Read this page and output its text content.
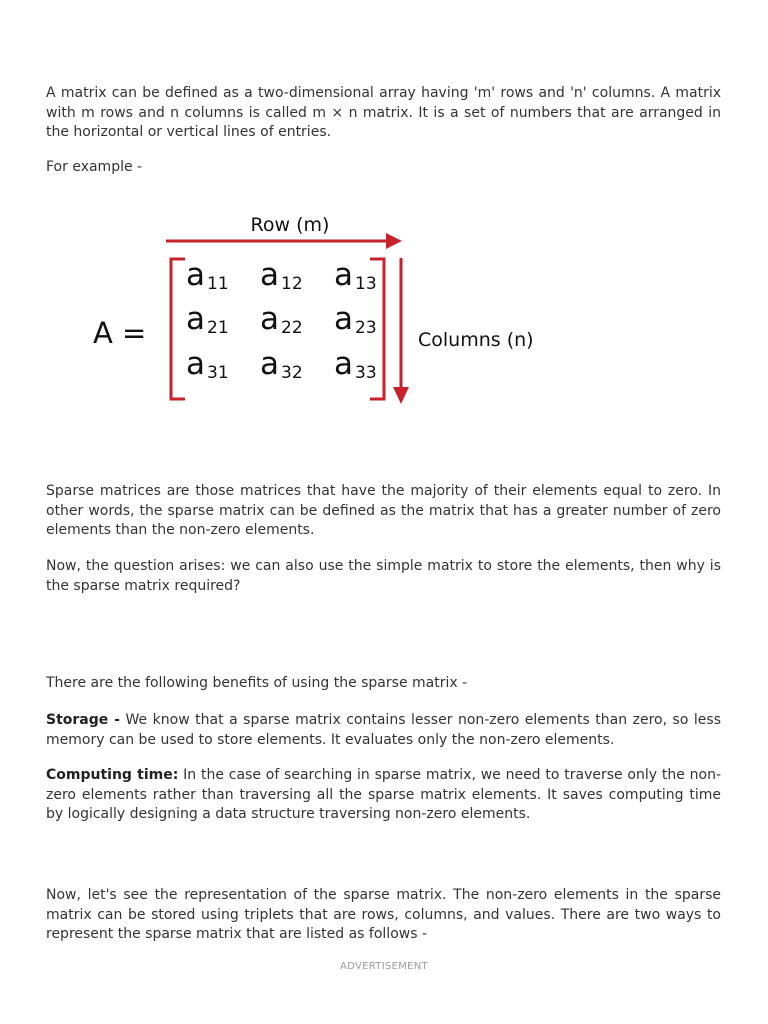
A matrix can be defined as a two-dimensional array having 'm' rows and 'n' columns. A matrix with m rows and n columns is called m × n matrix. It is a set of numbers that are arranged in the horizontal or vertical lines of entries.

For example -

Row (m)
Columns (n)
A =
a 11 a 12 a 13
a 21 a 22 a 23
a 31 a 32 a 33

Sparse matrices are those matrices that have the majority of their elements equal to zero. In other words, the sparse matrix can be defined as the matrix that has a greater number of zero elements than the non-zero elements.

Now, the question arises: we can also use the simple matrix to store the elements, then why is the sparse matrix required?

There are the following benefits of using the sparse matrix -

Storage - We know that a sparse matrix contains lesser non-zero elements than zero, so less memory can be used to store elements. It evaluates only the non-zero elements.

Computing time: In the case of searching in sparse matrix, we need to traverse only the non-zero elements rather than traversing all the sparse matrix elements. It saves computing time by logically designing a data structure traversing non-zero elements.

Now, let's see the representation of the sparse matrix. The non-zero elements in the sparse matrix can be stored using triplets that are rows, columns, and values. There are two ways to represent the sparse matrix that are listed as follows -

ADVERTISEMENT
